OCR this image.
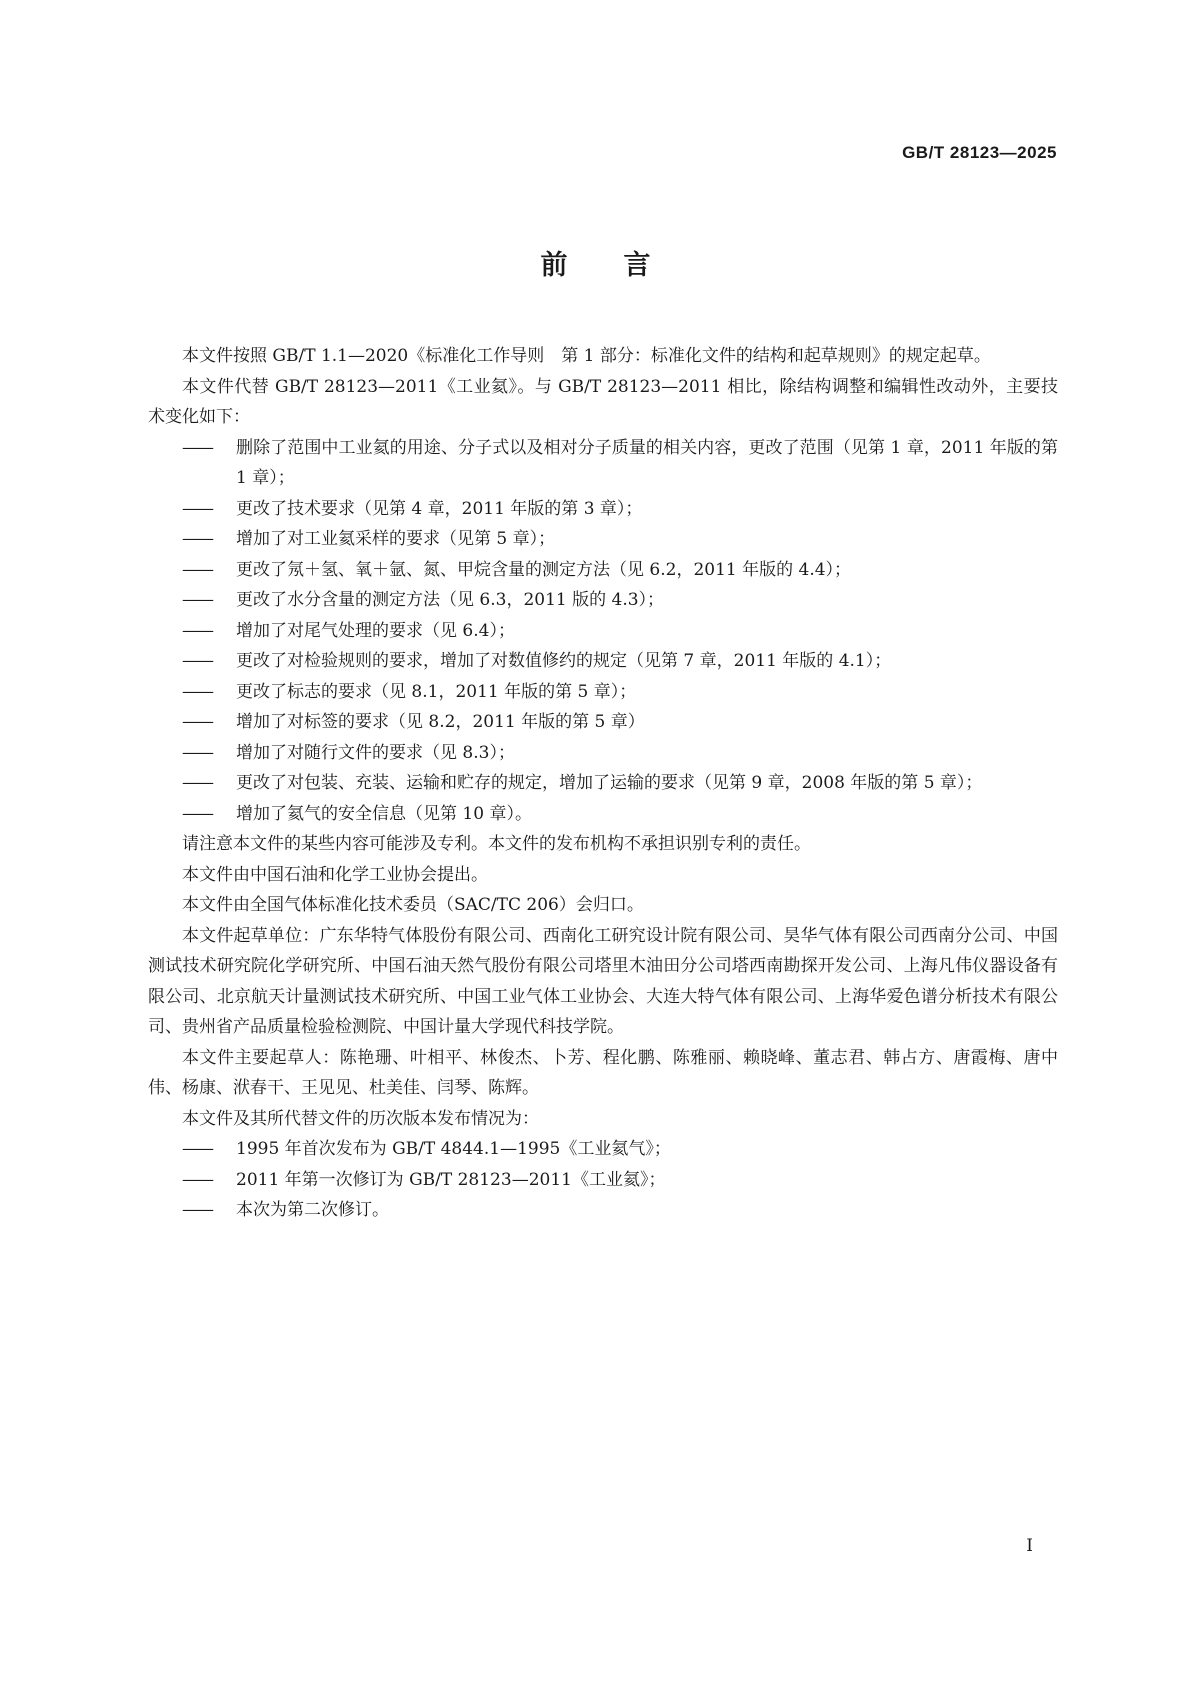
GB/T 28123—2025
前 言

本文件按照 GB/T 1.1—2020《标准化工作导则　第 1 部分：标准化文件的结构和起草规则》的规定起草。

本文件代替 GB/T 28123—2011《工业氦》。与 GB/T 28123—2011 相比，除结构调整和编辑性改动外，主要技术变化如下：

—— 删除了范围中工业氦的用途、分子式以及相对分子质量的相关内容，更改了范围（见第 1 章，2011 年版的第 1 章）；

—— 更改了技术要求（见第 4 章，2011 年版的第 3 章）；

—— 增加了对工业氦采样的要求（见第 5 章）；

—— 更改了氖＋氢、氧＋氩、氮、甲烷含量的测定方法（见 6.2，2011 年版的 4.4）；

—— 更改了水分含量的测定方法（见 6.3，2011 版的 4.3）；

—— 增加了对尾气处理的要求（见 6.4）；

—— 更改了对检验规则的要求，增加了对数值修约的规定（见第 7 章，2011 年版的 4.1）；

—— 更改了标志的要求（见 8.1，2011 年版的第 5 章）；

—— 增加了对标签的要求（见 8.2，2011 年版的第 5 章）

—— 增加了对随行文件的要求（见 8.3）；

—— 更改了对包装、充装、运输和贮存的规定，增加了运输的要求（见第 9 章，2008 年版的第 5 章）；

—— 增加了氦气的安全信息（见第 10 章）。

请注意本文件的某些内容可能涉及专利。本文件的发布机构不承担识别专利的责任。

本文件由中国石油和化学工业协会提出。

本文件由全国气体标准化技术委员（SAC/TC 206）会归口。

本文件起草单位：广东华特气体股份有限公司、西南化工研究设计院有限公司、昊华气体有限公司西南分公司、中国测试技术研究院化学研究所、中国石油天然气股份有限公司塔里木油田分公司塔西南勘探开发公司、上海凡伟仪器设备有限公司、北京航天计量测试技术研究所、中国工业气体工业协会、大连大特气体有限公司、上海华爱色谱分析技术有限公司、贵州省产品质量检验检测院、中国计量大学现代科技学院。

本文件主要起草人：陈艳珊、叶相平、林俊杰、卜芳、程化鹏、陈雅丽、赖晓峰、董志君、韩占方、唐霞梅、唐中伟、杨康、洑春干、王见见、杜美佳、闫琴、陈辉。

本文件及其所代替文件的历次版本发布情况为：

—— 1995 年首次发布为 GB/T 4844.1—1995《工业氦气》；

—— 2011 年第一次修订为 GB/T 28123—2011《工业氦》；

—— 本次为第二次修订。

I
